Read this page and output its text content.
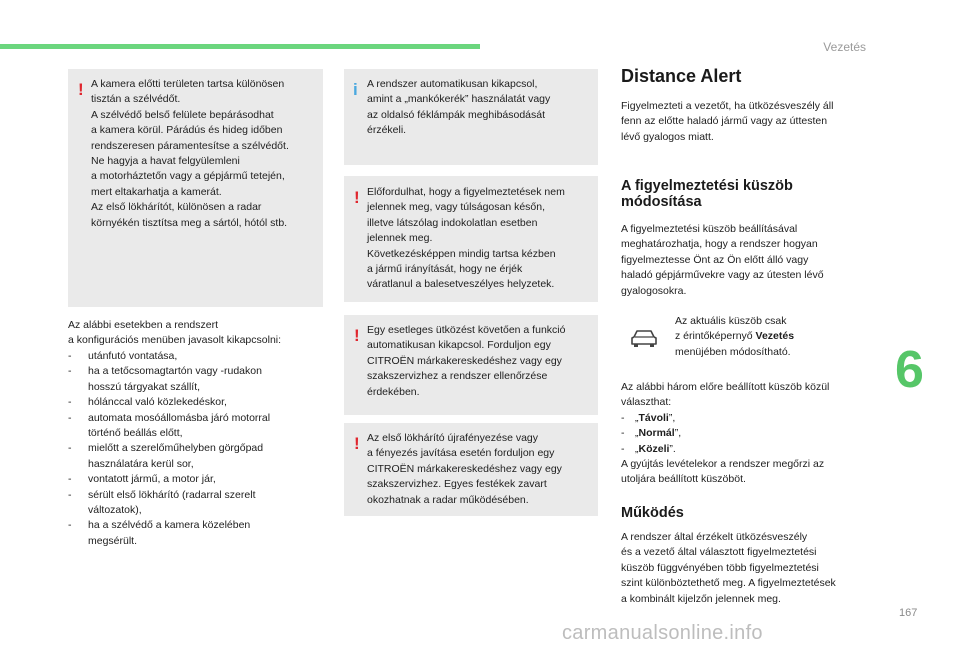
Vezetés
6
167
carmanualsonline.info
! A kamera előtti területen tartsa különösen
tisztán a szélvédőt.
A szélvédő belső felülete bepárásodhat
a kamera körül. Párádús és hideg időben
rendszeresen páramentesítse a szélvédőt.
Ne hagyja a havat felgyülemleni
a motorháztetőn vagy a gépjármű tetején,
mert eltakarhatja a kamerát.
Az első lökhárítót, különösen a radar
környékén tisztítsa meg a sártól, hótól stb.

Az alábbi esetekben a rendszert
a konfigurációs menüben javasolt kikapcsolni:

- utánfutó vontatása,
- ha a tetőcsomagtartón vagy -rudakon
hosszú tárgyakat szállít,
- hólánccal való közlekedéskor,
- automata mosóállomásba járó motorral
történő beállás előtt,
- mielőtt a szerelőműhelyben görgőpad
használatára kerül sor,
- vontatott jármű, a motor jár,
- sérült első lökhárító (radarral szerelt
változatok),
- ha a szélvédő a kamera közelében
megsérült.
i A rendszer automatikusan kikapcsol,
amint a „mankókerék” használatát vagy
az oldalsó féklámpák meghibásodását
érzékeli.

! Előfordulhat, hogy a figyelmeztetések nem
jelennek meg, vagy túlságosan későn,
illetve látszólag indokolatlan esetben
jelennek meg.
Következésképpen mindig tartsa kézben
a jármű irányítását, hogy ne érjék
váratlanul a balesetveszélyes helyzetek.

! Egy esetleges ütközést követően a funkció
automatikusan kikapcsol. Forduljon egy
CITROËN márkakereskedéshez vagy egy
szakszervizhez a rendszer ellenőrzése
érdekében.

! Az első lökhárító újrafényezése vagy
a fényezés javítása esetén forduljon egy
CITROËN márkakereskedéshez vagy egy
szakszervizhez. Egyes festékek zavart
okozhatnak a radar működésében.

Distance Alert

Figyelmezteti a vezetőt, ha ütközésveszély áll
fenn az előtte haladó jármű vagy az úttesten
lévő gyalogos miatt.

A figyelmeztetési küszöb
módosítása

A figyelmeztetési küszöb beállításával
meghatározhatja, hogy a rendszer hogyan
figyelmeztesse Önt az Ön előtt álló vagy
haladó gépjárművekre vagy az útesten lévő
gyalogosokra.

Az aktuális küszöb csak
z érintőképernyő Vezetés
menüjében módosítható.

Az alábbi három előre beállított küszöb közül
választhat:

- „Távoli”,
- „Normál”,
- „Közeli”.

A gyújtás levételekor a rendszer megőrzi az
utoljára beállított küszöböt.

Működés

A rendszer által érzékelt ütközésveszély
és a vezető által választott figyelmeztetési
küszöb függvényében több figyelmeztetési
szint különböztethető meg. A figyelmeztetések
a kombinált kijelzőn jelennek meg.
